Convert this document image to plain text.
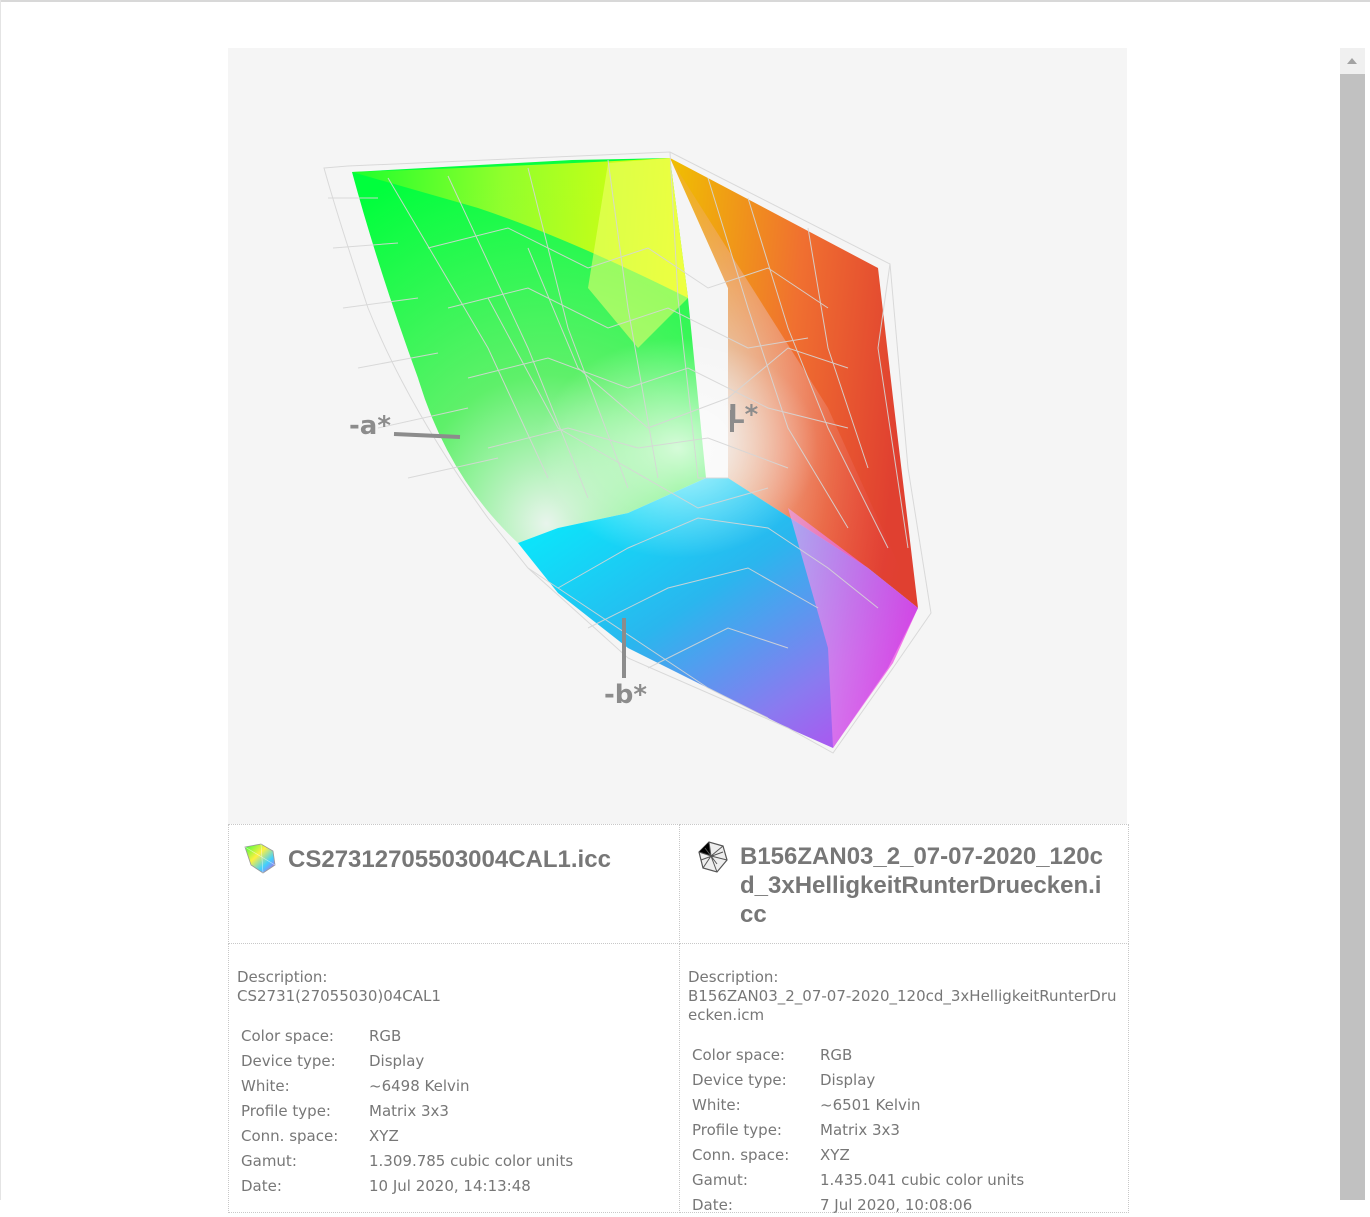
-a*
-b*
L*
CS27312705503004CAL1.icc	B156ZAN03_2_07-07-2020_120cd_3xHelligkeitRunterDruecken.icc
Description:
CS2731(27055030)04CAL1
Color space:	RGB
Device type:	Display
White:	~6498 Kelvin
Profile type:	Matrix 3x3
Conn. space:	XYZ
Gamut:	1.309.785 cubic color units
Date:	10 Jul 2020, 14:13:48
Description:
B156ZAN03_2_07-07-2020_120cd_3xHelligkeitRunterDruecken.icm
Color space:	RGB
Device type:	Display
White:	~6501 Kelvin
Profile type:	Matrix 3x3
Conn. space:	XYZ
Gamut:	1.435.041 cubic color units
Date:	7 Jul 2020, 10:08:06
